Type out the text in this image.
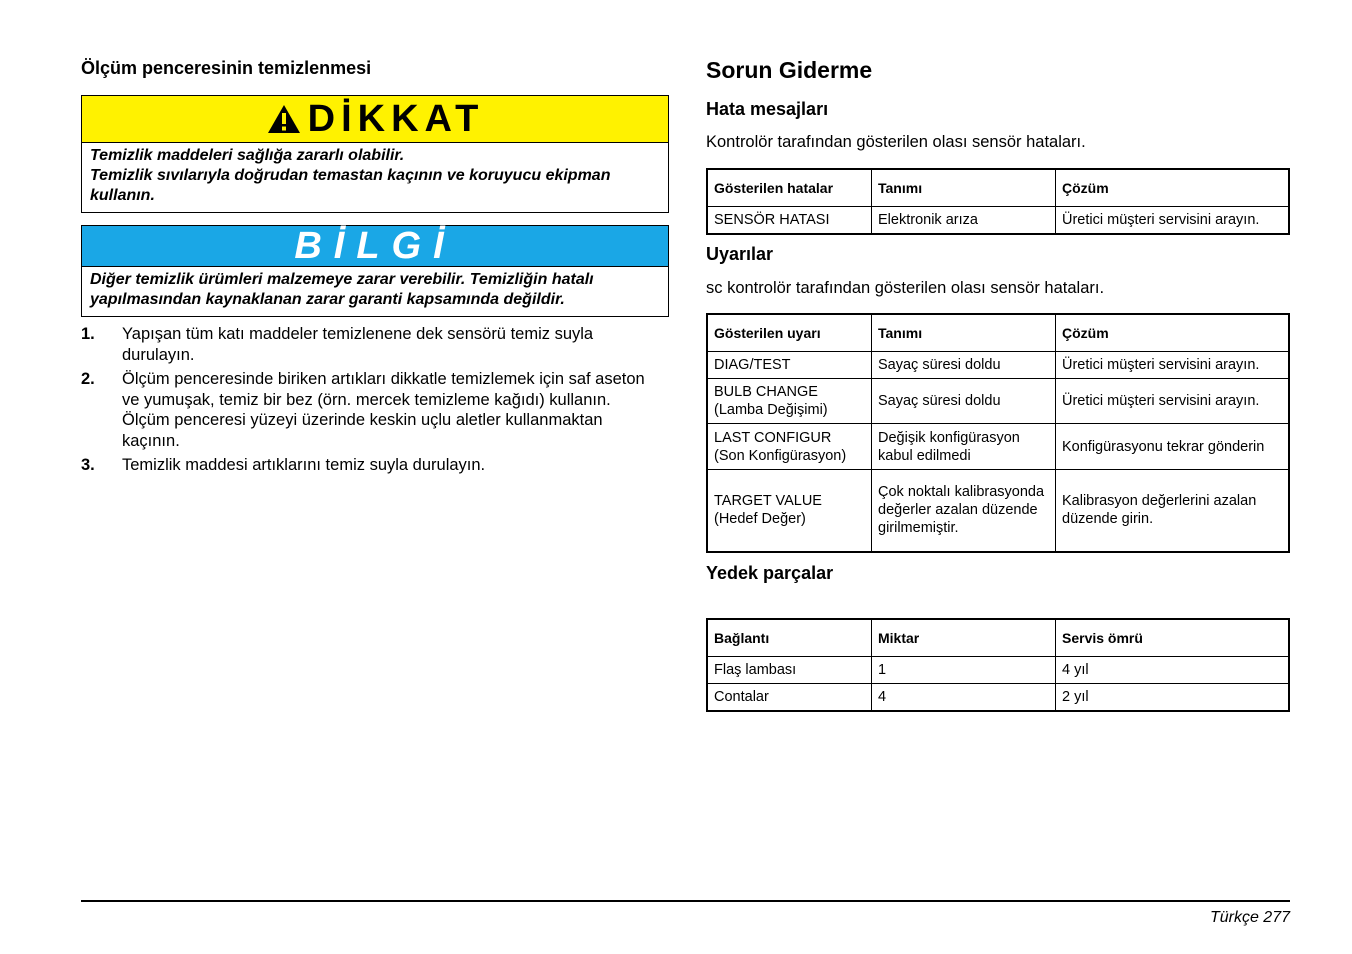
Ölçüm penceresinin temizlenmesi
DİKKAT
Temizlik maddeleri sağlığa zararlı olabilir.
Temizlik sıvılarıyla doğrudan temastan kaçının ve koruyucu ekipman kullanın.
BİLGİ
Diğer temizlik ürümleri malzemeye zarar verebilir. Temizliğin hatalı yapılmasından kaynaklanan zarar garanti kapsamında değildir.
1.	Yapışan tüm katı maddeler temizlenene dek sensörü temiz suyla durulayın.
2.	Ölçüm penceresinde biriken artıkları dikkatle temizlemek için saf aseton ve yumuşak, temiz bir bez (örn. mercek temizleme kağıdı) kullanın. Ölçüm penceresi yüzeyi üzerinde keskin uçlu aletler kullanmaktan kaçının.
3.	Temizlik maddesi artıklarını temiz suyla durulayın.
Sorun Giderme
Hata mesajları
Kontrolör tarafından gösterilen olası sensör hataları.
Gösterilen hatalar	Tanımı	Çözüm
SENSÖR HATASI	Elektronik arıza	Üretici müşteri servisini arayın.
Uyarılar
sc kontrolör tarafından gösterilen olası sensör hataları.
Gösterilen uyarı	Tanımı	Çözüm
DIAG/TEST	Sayaç süresi doldu	Üretici müşteri servisini arayın.
BULB CHANGE (Lamba Değişimi)	Sayaç süresi doldu	Üretici müşteri servisini arayın.
LAST CONFIGUR (Son Konfigürasyon)	Değişik konfigürasyon kabul edilmedi	Konfigürasyonu tekrar gönderin
TARGET VALUE (Hedef Değer)	Çok noktalı kalibrasyonda değerler azalan düzende girilmemiştir.	Kalibrasyon değerlerini azalan düzende girin.
Yedek parçalar
Bağlantı	Miktar	Servis ömrü
Flaş lambası	1	4 yıl
Contalar	4	2 yıl
Türkçe 277
